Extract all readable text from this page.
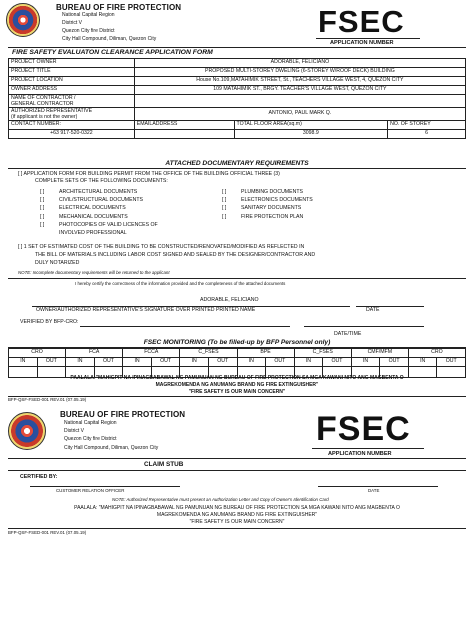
BUREAU OF FIRE PROTECTION
National Capital Region
District V
Quezon City fire District
City Hall Compound, Diliman, Quezon City	FSEC
APPLICATION NUMBER
FIRE SAFETY EVALUATON CLEARANCE APPLICATION FORM
PROJECT OWNER	ADORABLE, FELICIANO		
PROJECT TITLE	PROPOSED MULTI-STOREY DWELING (6-STOREY W/ROOF DECK) BUILDING		
PROJECT LOCATION	House No.109,MATAHIMIK STREET, St., TEACHERS VILLAGE WEST, 4, QUEZON CITY		
OWNER ADDRESS	109 MATAHIMIK ST., BRGY. TEACHER'S VILLAGE WEST, QUEZON CITY		

NAME OF CONTRACTOR /
GENERAL CONTRACTOR			

AUTHORIZED REPRESENTATIVE
(if applicant is not the owner)	ANTONIO, PAUL MARK Q.		
CONTACT NUMBER:	EMAILADDRESS	TOTAL FLOOR AREA(sq.m)	NO. OF STOREY
+63 917-520-0322		3098.9	6
ATTACHED DOCUMENTARY REQUIREMENTS
[ ] APPLICATION FORM FOR BUILDING PERMIT FROM THE OFFICE OF THE BUILDING OFFICIAL THREE (3)
COMPLETE SETS OF THE FOLLOWING DOCUMENTS:
[ ]	ARCHITECTURAL DOCUMENTS
[ ]	CIVIL/STRUCTURAL DOCUMENTS
[ ]	ELECTRICAL DOCUMENTS
[ ]	MECHANICAL DOCUMENTS
[ ]	PHOTOCOPIES OF VALID LICENCES OF
INVOLVED PROFESSIONAL
[ ]	PLUMBING DOCUMENTS
[ ]	ELECTRONICS DOCUMENTS
[ ]	SANITARY DOCUMENTS
[ ]	FIRE PROTECTION PLAN
[ ] 1 SET OF ESTIMATED COST OF THE BUILDING TO BE CONSTRUCTED/RENOVATED/MODIFIED AS REFLECTED IN
THE BILL OF MATERIALS INCLUDING LABOR COST SIGNED AND SEALED BY THE DESIGNER/CONTRACTOR AND
DULY NOTARIZED
NOTE: Incomplete documentary requirements will be returned to the applicant
I hereby certify the correctness of the information provided and the completeness of the attached documents
ADORABLE, FELICIANO
OWNER/AUTHORIZED REPRESENTATIVE'S SIGNATURE OVER PRINTED PRINTED NAME	DATE
VERIFIED BY BFP-CRO:
DATE/TIME
FSEC MONITORING (To be filled-up by BFP Personnel only)
CRO		FCA		FCCA		C_FSES		BPE		C_FSES		CMF/MFM		CRO	
IN	OUT	IN	OUT	IN	OUT	IN	OUT	IN	OUT	IN	OUT	IN	OUT	IN	OUT

PAALALA:"MAHIGPIT NA IPINAGBABAWAL NG PAMUNUAN NG BUREAU OF FIRE PROTECTION SA MGA KAWANI NITO ANG MAGBENTA O
MAGREKOMENDA NG ANUMANG BRAND NG FIRE EXTINGUISHER"
"FIRE SAFETY IS OUR MAIN CONCERN"
BFP-QSF-FSED-001 REV.01 (07.05.19)
BUREAU OF FIRE PROTECTION
National Capital Region
District V
Quezon City fire District
City Hall Compound, Diliman, Quezon City	FSEC
APPLICATION NUMBER
CLAIM STUB
CERTIFIED BY:
CUSTOMER RELATION OFFICER	DATE
NOTE: Authorized Representative must present an Authorization Letter and Copy of Owner's Identification Card
PAALALA: "MAHIGPIT NA IPINAGBABAWAL NG PAMUNUAN NG BUREAU OF FIRE PROTECTION SA MGA KAWANI NITO ANG MAGBENTA O
MAGREKOMENDA NG ANUMANG BRAND NG FIRE EXTINGUISHER"
"FIRE SAFETY IS OUR MAIN CONCERN"
BFP-QSF-FSED-001 REV.01 (07.05.19)
